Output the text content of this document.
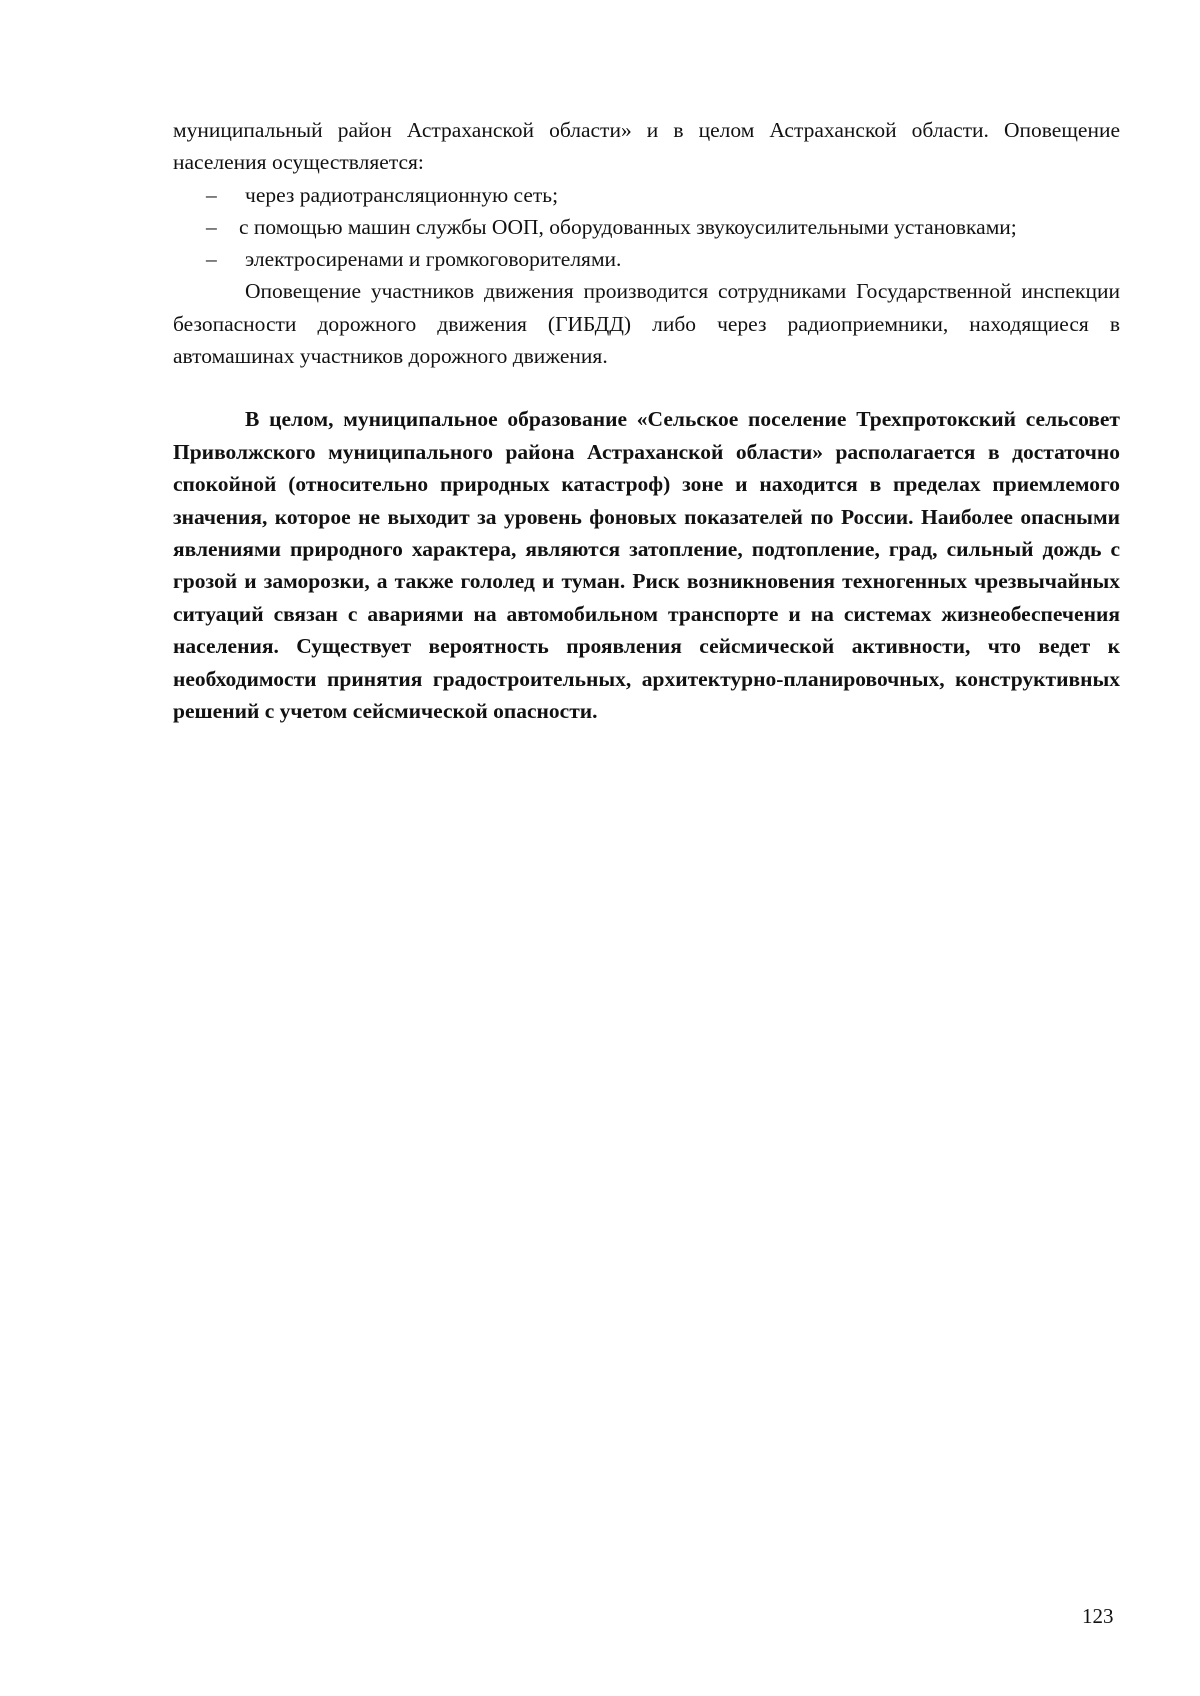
муниципальный район Астраханской области» и в целом Астраханской области. Оповещение населения осуществляется:

– через радиотрансляционную сеть;

– с помощью машин службы ООП, оборудованных звукоусилительными установками;

– электросиренами и громкоговорителями.

Оповещение участников движения производится сотрудниками Государственной инспекции безопасности дорожного движения (ГИБДД) либо через радиоприемники, находящиеся в автомашинах участников дорожного движения.

В целом, муниципальное образование «Сельское поселение Трехпротокский сельсовет Приволжского муниципального района Астраханской области» располагается в достаточно спокойной (относительно природных катастроф) зоне и находится в пределах приемлемого значения, которое не выходит за уровень фоновых показателей по России. Наиболее опасными явлениями природного характера, являются затопление, подтопление, град, сильный дождь с грозой и заморозки, а также гололед и туман. Риск возникновения техногенных чрезвычайных ситуаций связан с авариями на автомобильном транспорте и на системах жизнеобеспечения населения. Существует вероятность проявления сейсмической активности, что ведет к необходимости принятия градостроительных, архитектурно-планировочных, конструктивных решений с учетом сейсмической опасности.

123
